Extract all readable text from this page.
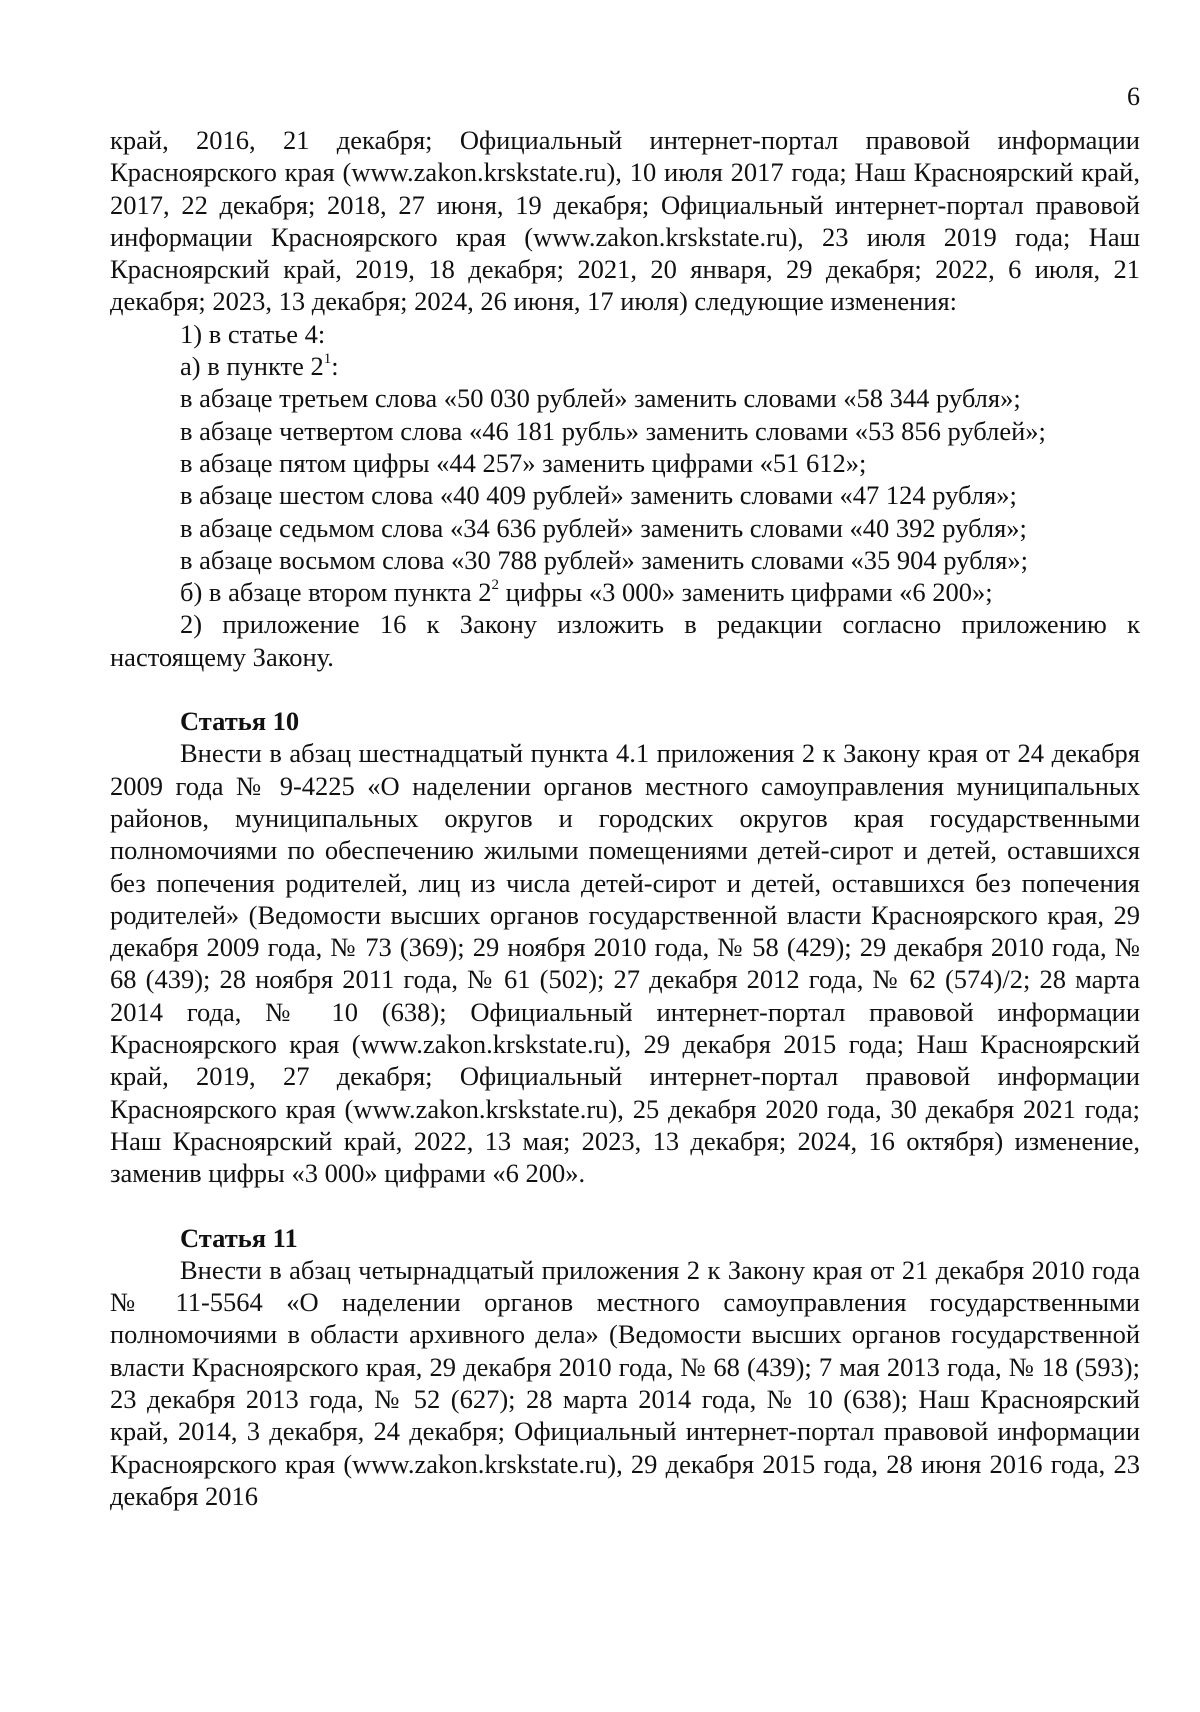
6

край, 2016, 21 декабря; Официальный интернет-портал правовой информации Красноярского края (www.zakon.krskstate.ru), 10 июля 2017 года; Наш Красноярский край, 2017, 22 декабря; 2018, 27 июня, 19 декабря; Официальный интернет-портал правовой информации Красноярского края (www.zakon.krskstate.ru), 23 июля 2019 года; Наш Красноярский край, 2019, 18 декабря; 2021, 20 января, 29 декабря; 2022, 6 июля, 21 декабря; 2023, 13 декабря; 2024, 26 июня, 17 июля) следующие изменения:

1) в статье 4:
а) в пункте $2^1$:
в абзаце третьем слова «50 030 рублей» заменить словами «58 344 рубля»;
в абзаце четвертом слова «46 181 рубль» заменить словами «53 856 рублей»;
в абзаце пятом цифры «44 257» заменить цифрами «51 612»;
в абзаце шестом слова «40 409 рублей» заменить словами «47 124 рубля»;
в абзаце седьмом слова «34 636 рублей» заменить словами «40 392 рубля»;
в абзаце восьмом слова «30 788 рублей» заменить словами «35 904 рубля»;
б) в абзаце втором пункта $2^2$ цифры «3 000» заменить цифрами «6 200»;

2) приложение 16 к Закону изложить в редакции согласно приложению к настоящему Закону.

Статья 10

Внести в абзац шестнадцатый пункта 4.1 приложения 2 к Закону края от 24 декабря 2009 года № 9-4225 «О наделении органов местного самоуправления муниципальных районов, муниципальных округов и городских округов края государственными полномочиями по обеспечению жилыми помещениями детей-сирот и детей, оставшихся без попечения родителей, лиц из числа детей-сирот и детей, оставшихся без попечения родителей» (Ведомости высших органов государственной власти Красноярского края, 29 декабря 2009 года, № 73 (369); 29 ноября 2010 года, № 58 (429); 29 декабря 2010 года, № 68 (439); 28 ноября 2011 года, № 61 (502); 27 декабря 2012 года, № 62 (574)/2; 28 марта 2014 года, № 10 (638); Официальный интернет-портал правовой информации Красноярского края (www.zakon.krskstate.ru), 29 декабря 2015 года; Наш Красноярский край, 2019, 27 декабря; Официальный интернет-портал правовой информации Красноярского края (www.zakon.krskstate.ru), 25 декабря 2020 года, 30 декабря 2021 года; Наш Красноярский край, 2022, 13 мая; 2023, 13 декабря; 2024, 16 октября) изменение, заменив цифры «3 000» цифрами «6 200».

Статья 11

Внести в абзац четырнадцатый приложения 2 к Закону края от 21 декабря 2010 года № 11-5564 «О наделении органов местного самоуправления государственными полномочиями в области архивного дела» (Ведомости высших органов государственной власти Красноярского края, 29 декабря 2010 года, № 68 (439); 7 мая 2013 года, № 18 (593); 23 декабря 2013 года, № 52 (627); 28 марта 2014 года, № 10 (638); Наш Красноярский край, 2014, 3 декабря, 24 декабря; Официальный интернет-портал правовой информации Красноярского края (www.zakon.krskstate.ru), 29 декабря 2015 года, 28 июня 2016 года, 23 декабря 2016
